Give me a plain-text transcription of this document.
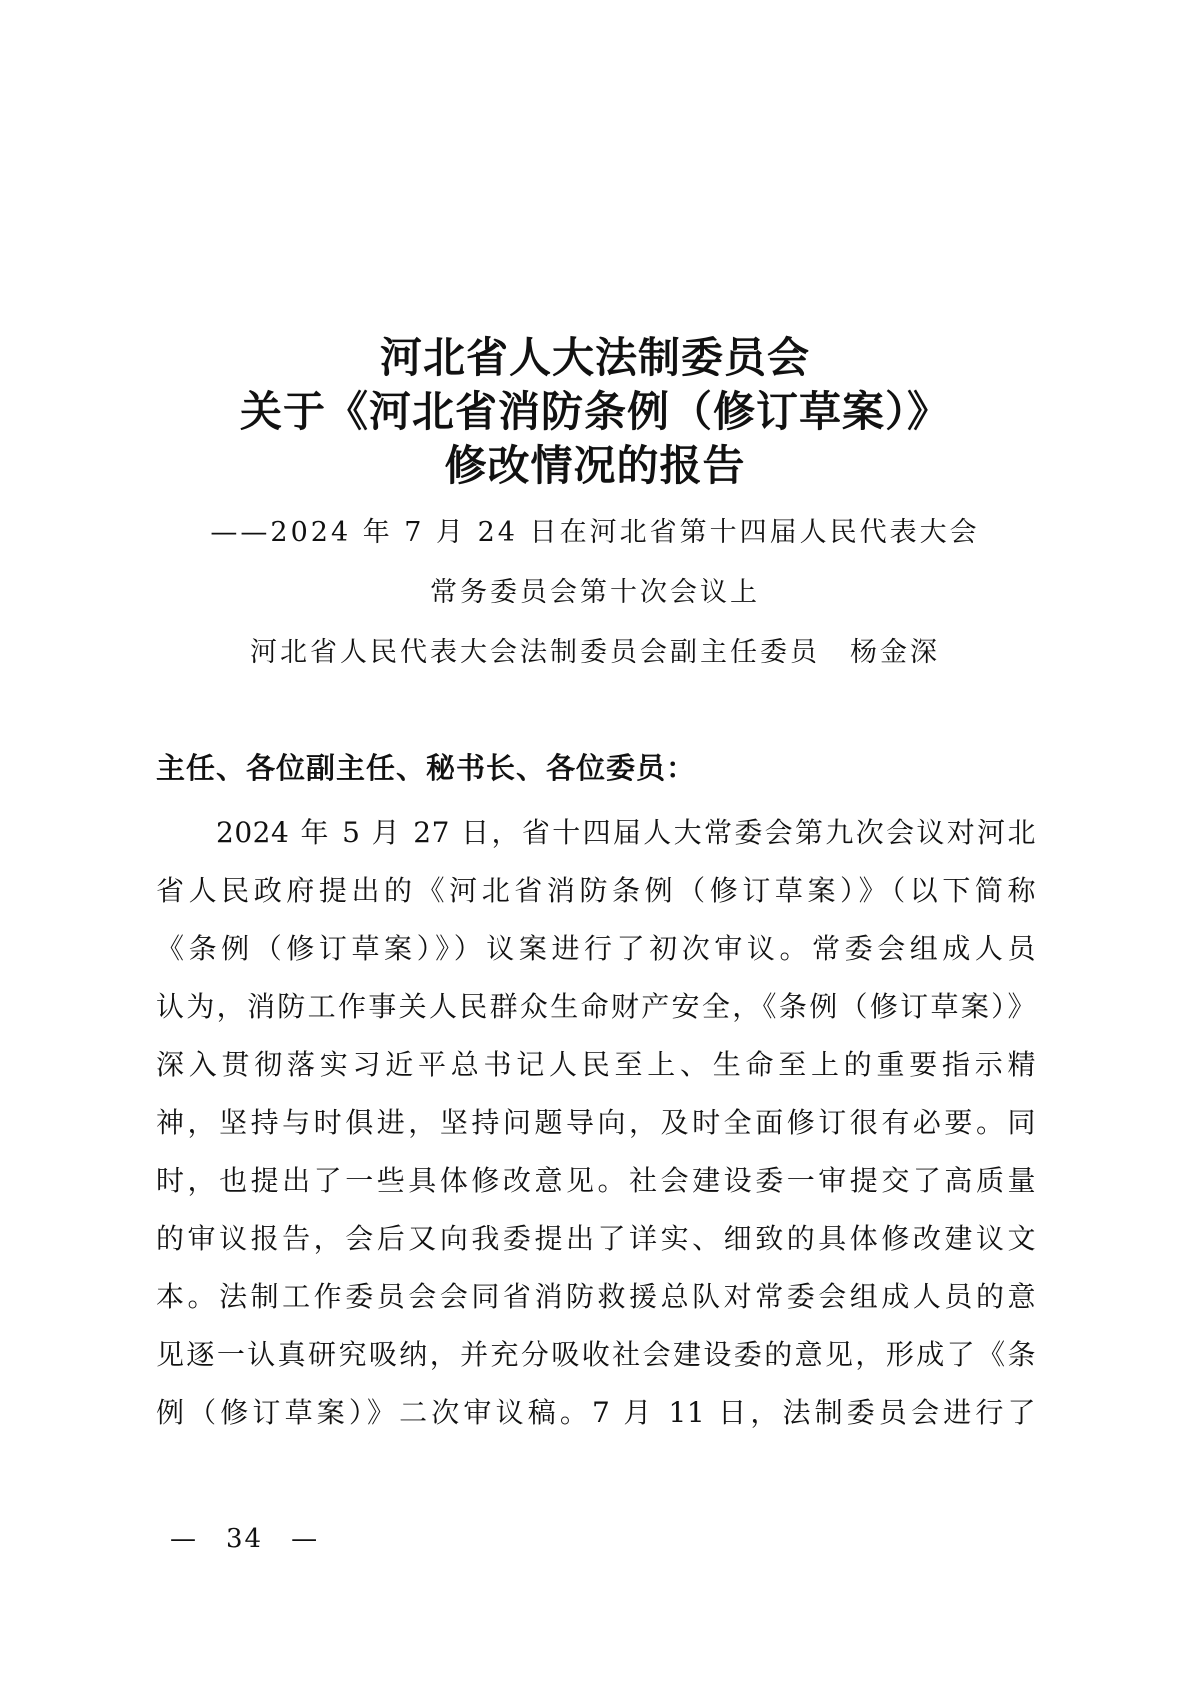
河北省人大法制委员会
关于《河北省消防条例（修订草案）》
修改情况的报告
——2024 年 7 月 24 日在河北省第十四届人民代表大会
常务委员会第十次会议上
河北省人民代表大会法制委员会副主任委员　杨金深
主任、各位副主任、秘书长、各位委员：
2024 年 5 月 27 日，省十四届人大常委会第九次会议对河北
省人民政府提出的《河北省消防条例（修订草案）》（以下简称
《条例（修订草案）》）议案进行了初次审议。常委会组成人员
认为，消防工作事关人民群众生命财产安全，《条例（修订草案）》
深入贯彻落实习近平总书记人民至上、生命至上的重要指示精
神，坚持与时俱进，坚持问题导向，及时全面修订很有必要。同
时，也提出了一些具体修改意见。社会建设委一审提交了高质量
的审议报告，会后又向我委提出了详实、细致的具体修改建议文
本。法制工作委员会会同省消防救援总队对常委会组成人员的意
见逐一认真研究吸纳，并充分吸收社会建设委的意见，形成了《条
例（修订草案）》二次审议稿。7 月 11 日，法制委员会进行了
—　34　—
